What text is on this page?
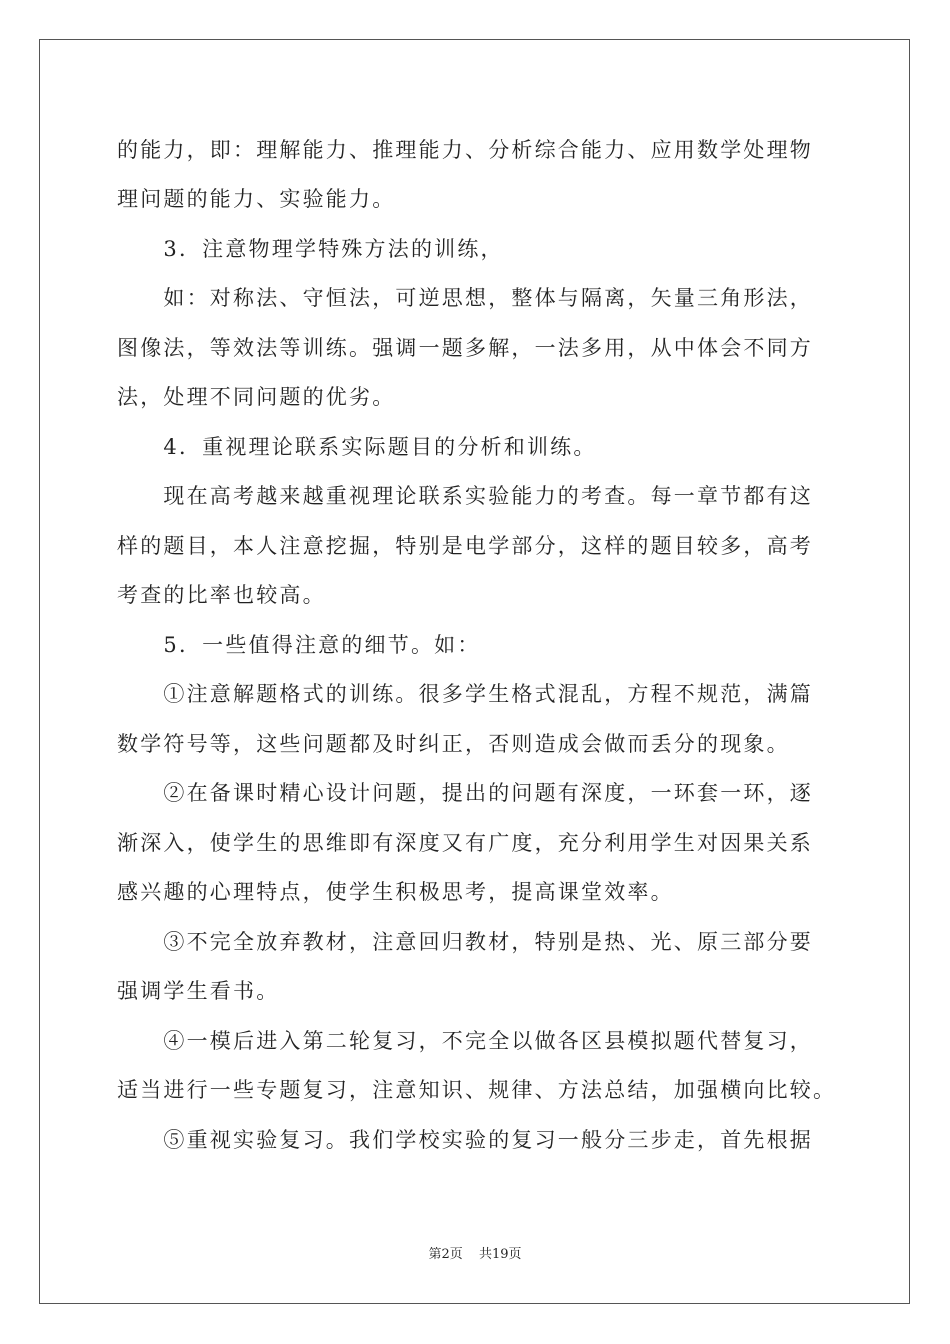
的能力，即：理解能力、推理能力、分析综合能力、应用数学处理物
理问题的能力、实验能力。
　　3．注意物理学特殊方法的训练，
　　如：对称法、守恒法，可逆思想，整体与隔离，矢量三角形法，
图像法，等效法等训练。强调一题多解，一法多用，从中体会不同方
法，处理不同问题的优劣。
　　4．重视理论联系实际题目的分析和训练。
　　现在高考越来越重视理论联系实验能力的考查。每一章节都有这
样的题目，本人注意挖掘，特别是电学部分，这样的题目较多，高考
考查的比率也较高。
　　5．一些值得注意的细节。如：
　　①注意解题格式的训练。很多学生格式混乱，方程不规范，满篇
数学符号等，这些问题都及时纠正，否则造成会做而丢分的现象。
　　②在备课时精心设计问题，提出的问题有深度，一环套一环，逐
渐深入，使学生的思维即有深度又有广度，充分利用学生对因果关系
感兴趣的心理特点，使学生积极思考，提高课堂效率。
　　③不完全放弃教材，注意回归教材，特别是热、光、原三部分要
强调学生看书。
　　④一模后进入第二轮复习，不完全以做各区县模拟题代替复习，
适当进行一些专题复习，注意知识、规律、方法总结，加强横向比较。
　　⑤重视实验复习。我们学校实验的复习一般分三步走，首先根据
第2页 共19页
